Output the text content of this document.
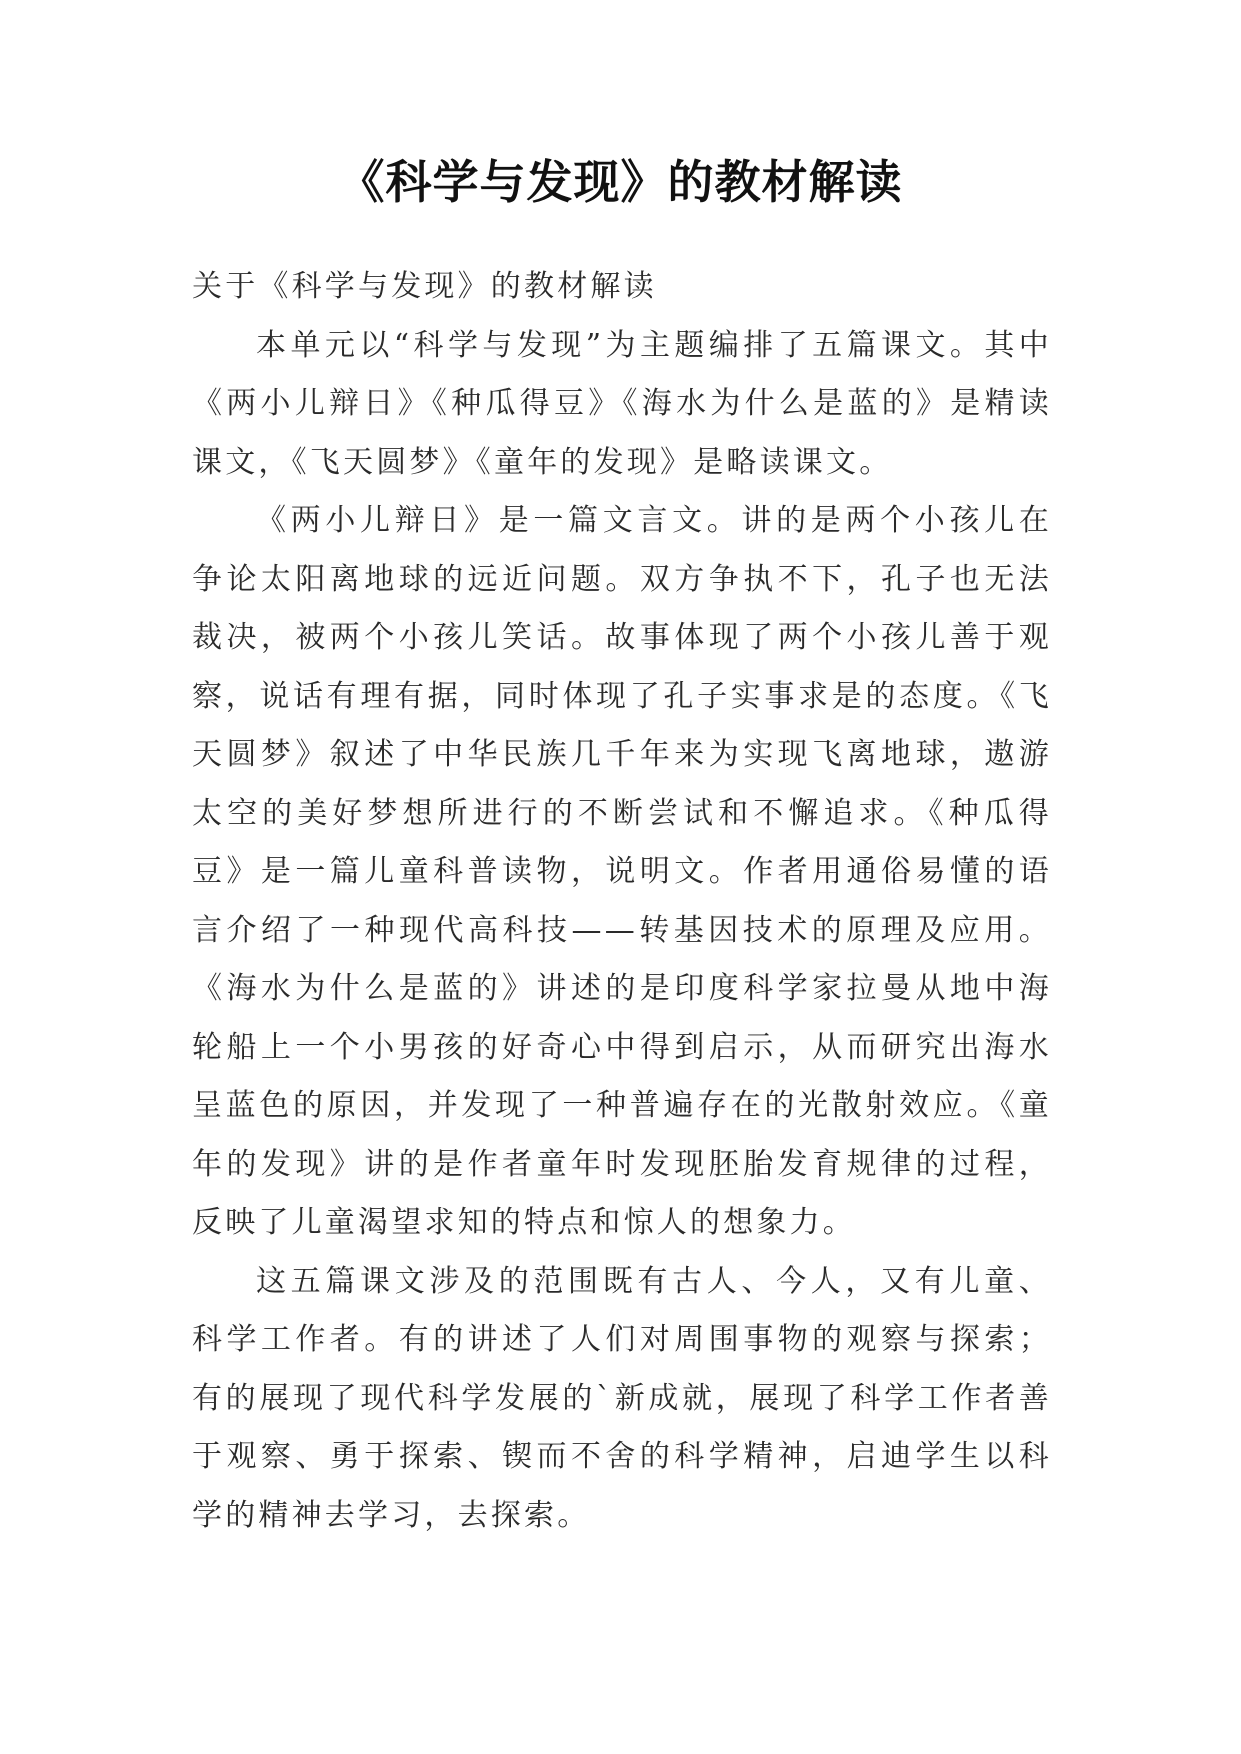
《科学与发现》的教材解读

关于《科学与发现》的教材解读

本单元以“科学与发现”为主题编排了五篇课文。其中《两小儿辩日》《种瓜得豆》《海水为什么是蓝的》是精读课文，《飞天圆梦》《童年的发现》是略读课文。

《两小儿辩日》是一篇文言文。讲的是两个小孩儿在争论太阳离地球的远近问题。双方争执不下，孔子也无法裁决，被两个小孩儿笑话。故事体现了两个小孩儿善于观察，说话有理有据，同时体现了孔子实事求是的态度。《飞天圆梦》叙述了中华民族几千年来为实现飞离地球，遨游太空的美好梦想所进行的不断尝试和不懈追求。《种瓜得豆》是一篇儿童科普读物，说明文。作者用通俗易懂的语言介绍了一种现代高科技——转基因技术的原理及应用。《海水为什么是蓝的》讲述的是印度科学家拉曼从地中海轮船上一个小男孩的好奇心中得到启示，从而研究出海水呈蓝色的原因，并发现了一种普遍存在的光散射效应。《童年的发现》讲的是作者童年时发现胚胎发育规律的过程，反映了儿童渴望求知的特点和惊人的想象力。

这五篇课文涉及的范围既有古人、今人，又有儿童、科学工作者。有的讲述了人们对周围事物的观察与探索；有的展现了现代科学发展的`新成就，展现了科学工作者善于观察、勇于探索、锲而不舍的科学精神，启迪学生以科学的精神去学习，去探索。
